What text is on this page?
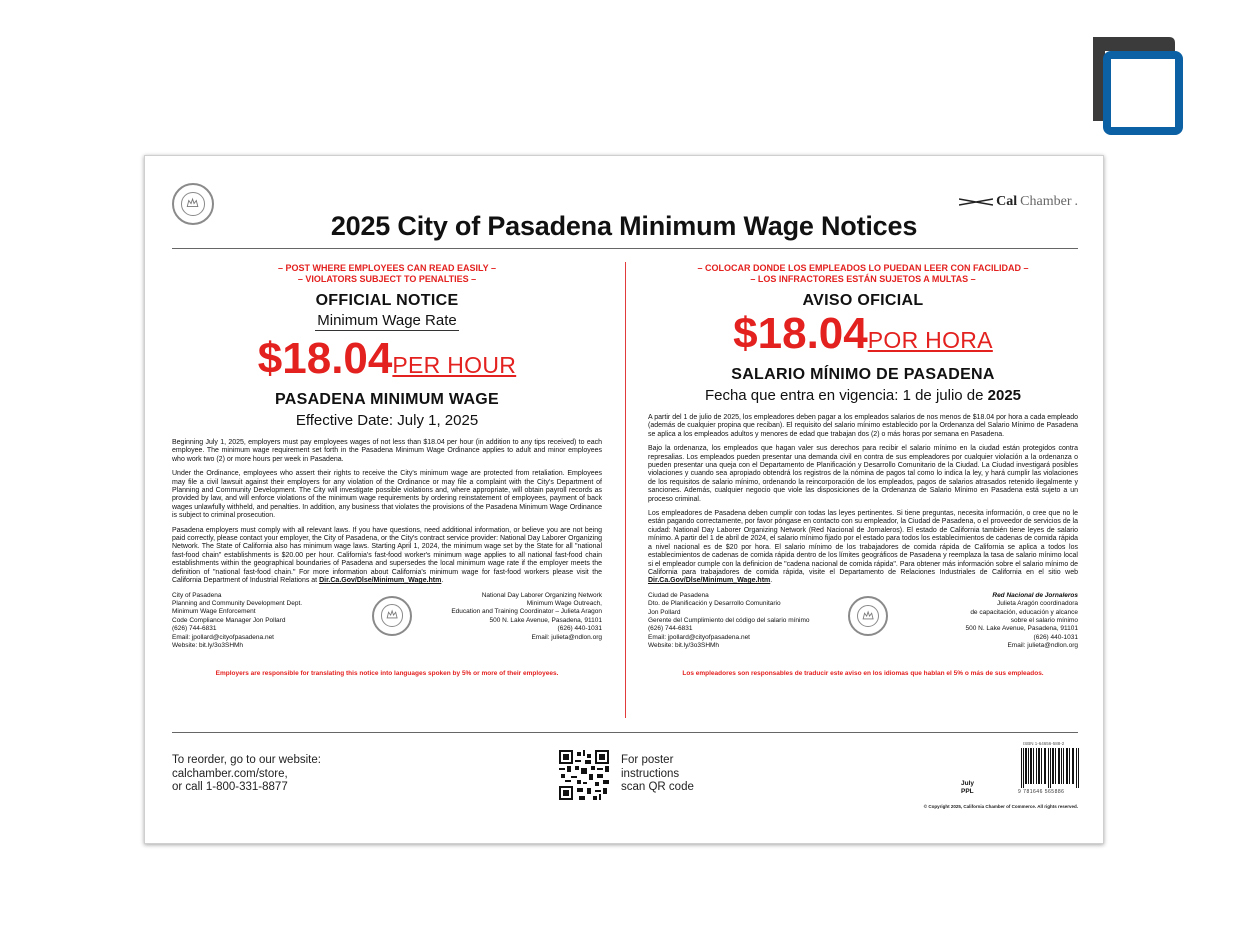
Cal Chamber .
2025 City of Pasadena Minimum Wage Notices
– POST WHERE EMPLOYEES CAN READ EASILY –
– VIOLATORS SUBJECT TO PENALTIES –
OFFICIAL NOTICE
Minimum Wage Rate
$18.04PER HOUR
PASADENA MINIMUM WAGE
Effective Date: July 1, 2025

Beginning July 1, 2025, employers must pay employees wages of not less than $18.04 per hour (in addition to any tips received) to each employee. The minimum wage requirement set forth in the Pasadena Minimum Wage Ordinance applies to adult and minor employees who work two (2) or more hours per week in Pasadena.

Under the Ordinance, employees who assert their rights to receive the City's minimum wage are protected from retaliation. Employees may file a civil lawsuit against their employers for any violation of the Ordinance or may file a complaint with the City's Department of Planning and Community Development. The City will investigate possible violations and, where appropriate, will obtain payroll records as provided by law, and will enforce violations of the minimum wage requirements by ordering reinstatement of employees, payment of back wages unlawfully withheld, and penalties. In addition, any business that violates the provisions of the Pasadena Minimum Wage Ordinance is subject to criminal prosecution.

Pasadena employers must comply with all relevant laws. If you have questions, need additional information, or believe you are not being paid correctly, please contact your employer, the City of Pasadena, or the City's contract service provider: National Day Laborer Organizing Network. The State of California also has minimum wage laws. Starting April 1, 2024, the minimum wage set by the State for all "national fast-food chain" establishments is $20.00 per hour. California's fast-food worker's minimum wage applies to all national fast-food chain establishments within the geographical boundaries of Pasadena and supersedes the local minimum wage rate if the employer meets the definition of "national fast-food chain." For more information about California's minimum wage for fast-food workers please visit the California Department of Industrial Relations at Dir.Ca.Gov/Dlse/Minimum_Wage.htm.

City of Pasadena
Planning and Community Development Dept.
Minimum Wage Enforcement
Code Compliance Manager Jon Pollard
(626) 744-6831
Email: jpollard@cityofpasadena.net
Website: bit.ly/3o3SHMh
National Day Laborer Organizing Network
Minimum Wage Outreach,
Education and Training Coordinator – Julieta Aragon
500 N. Lake Avenue, Pasadena, 91101
(626) 440-1031
Email: julieta@ndlon.org
Employers are responsible for translating this notice into languages spoken by 5% or more of their employees.
– COLOCAR DONDE LOS EMPLEADOS LO PUEDAN LEER CON FACILIDAD –
– LOS INFRACTORES ESTÁN SUJETOS A MULTAS –
AVISO OFICIAL
$18.04POR HORA
SALARIO MÍNIMO DE PASADENA
Fecha que entra en vigencia: 1 de julio de 2025

A partir del 1 de julio de 2025, los empleadores deben pagar a los empleados salarios de nos menos de $18.04 por hora a cada empleado (además de cualquier propina que reciban). El requisito del salario mínimo establecido por la Ordenanza del Salario Mínimo de Pasadena se aplica a los empleados adultos y menores de edad que trabajan dos (2) o más horas por semana en Pasadena.

Bajo la ordenanza, los empleados que hagan valer sus derechos para recibir el salario mínimo en la ciudad están protegidos contra represalias. Los empleados pueden presentar una demanda civil en contra de sus empleadores por cualquier violación a la ordenanza o pueden presentar una queja con el Departamento de Planificación y Desarrollo Comunitario de la Ciudad. La Ciudad investigará posibles violaciones y cuando sea apropiado obtendrá los registros de la nómina de pagos tal como lo indica la ley, y hará cumplir las violaciones de los requisitos de salario mínimo, ordenando la reincorporación de los empleados, pagos de salarios atrasados retenido ilegalmente y sanciones. Además, cualquier negocio que viole las disposiciones de la Ordenanza de Salario Mínimo en Pasadena está sujeto a un proceso criminal.

Los empleadores de Pasadena deben cumplir con todas las leyes pertinentes. Si tiene preguntas, necesita información, o cree que no le están pagando correctamente, por favor póngase en contacto con su empleador, la Ciudad de Pasadena, o el proveedor de servicios de la ciudad: National Day Laborer Organizing Network (Red Nacional de Jornaleros). El estado de California también tiene leyes de salario mínimo. A partir del 1 de abril de 2024, el salario mínimo fijado por el estado para todos los establecimientos de cadenas de comida rápida a nivel nacional es de $20 por hora. El salario mínimo de los trabajadores de comida rápida de California se aplica a todos los establecimientos de cadenas de comida rápida dentro de los límites geográficos de Pasadena y reemplaza la tasa de salario mínimo local si el empleador cumple con la definicion de "cadena nacional de comida rápida". Para obtener más información sobre el salario mínimo de California para trabajadores de comida rápida, visite el Departamento de Relaciones Industriales de California en el sitio web Dir.Ca.Gov/Dlse/Minimum_Wage.htm.

Ciudad de Pasadena
Dto. de Planificación y Desarrollo Comunitario
Jon Pollard
Gerente del Cumplimiento del código del salario mínimo
(626) 744-6831
Email: jpollard@cityofpasadena.net
Website: bit.ly/3o3SHMh
Red Nacional de Jornaleros
Julieta Aragón coordinadora
de capacitación, educación y alcance
sobre el salario mínimo
500 N. Lake Avenue, Pasadena, 91101
(626) 440-1031
Email: julieta@ndlon.org
Los empleadores son responsables de traducir este aviso en los idiomas que hablan el 5% o más de sus empleados.
To reorder, go to our website:
calchamber.com/store,
or call 1-800-331-8877
For poster
instructions
scan QR code	July
PPL
ISBN 1-64656-588-2
9 781646 565886
© Copyright 2025, California Chamber of Commerce. All rights reserved.
